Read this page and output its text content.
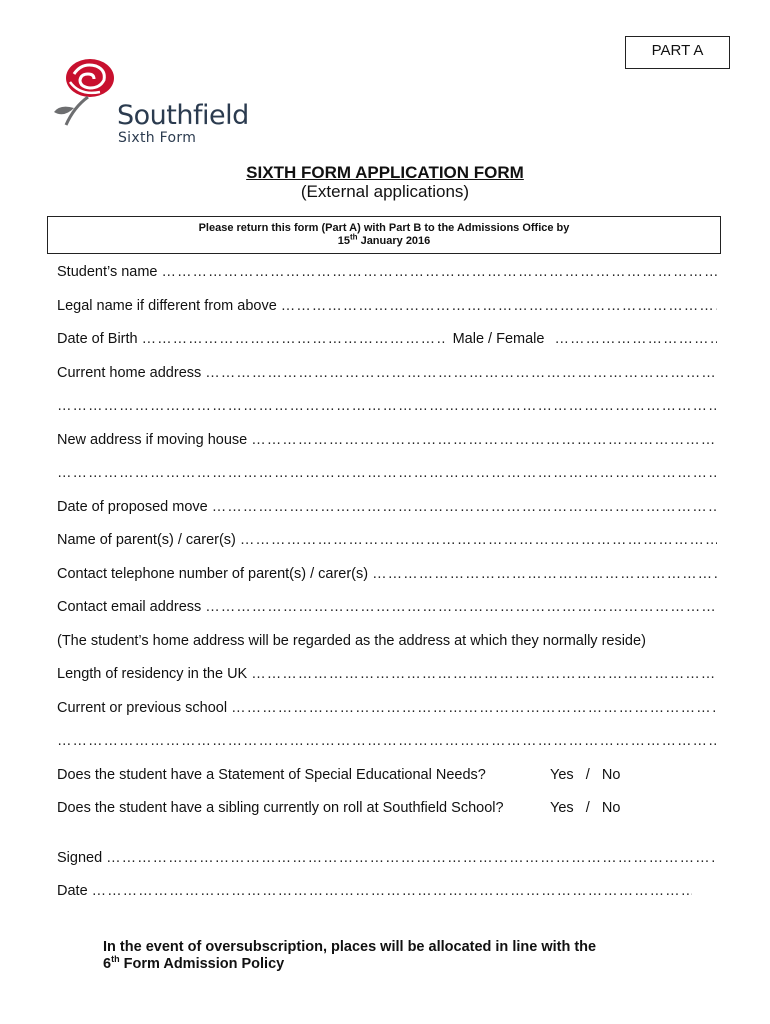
PART A
Southfield
Sixth Form
SIXTH FORM APPLICATION FORM
(External applications)
Please return this form (Part A) with Part B to the Admissions Office by
15th January 2016
Student’s name
…………………………………………………………………………………………………………………………………………………………………………
Legal name if different from above
…………………………………………………………………………………………………………………………………………………………………………
Date of Birth
…………………………………………………………………………………………………………………………………………………………………………	Male / Female
…………………………………………………………………………………………………………………………………………………………………………
Current home address
…………………………………………………………………………………………………………………………………………………………………………
…………………………………………………………………………………………………………………………………………………………………………
New address if moving house
…………………………………………………………………………………………………………………………………………………………………………
…………………………………………………………………………………………………………………………………………………………………………
Date of proposed move
…………………………………………………………………………………………………………………………………………………………………………
Name of parent(s) / carer(s)
…………………………………………………………………………………………………………………………………………………………………………
Contact telephone number of parent(s) / carer(s)
…………………………………………………………………………………………………………………………………………………………………………
Contact email address
…………………………………………………………………………………………………………………………………………………………………………
(The student’s home address will be regarded as the address at which they normally reside)
Length of residency in the UK
…………………………………………………………………………………………………………………………………………………………………………
Current or previous school
…………………………………………………………………………………………………………………………………………………………………………
…………………………………………………………………………………………………………………………………………………………………………
Does the student have a Statement of Special Educational Needs?	Yes   /   No
Does the student have a sibling currently on roll at Southfield School?	Yes   /   No
Signed
…………………………………………………………………………………………………………………………………………………………………………
Date
…………………………………………………………………………………………………………………………………………………………………………
In the event of oversubscription, places will be allocated in line with the
6th Form Admission Policy
